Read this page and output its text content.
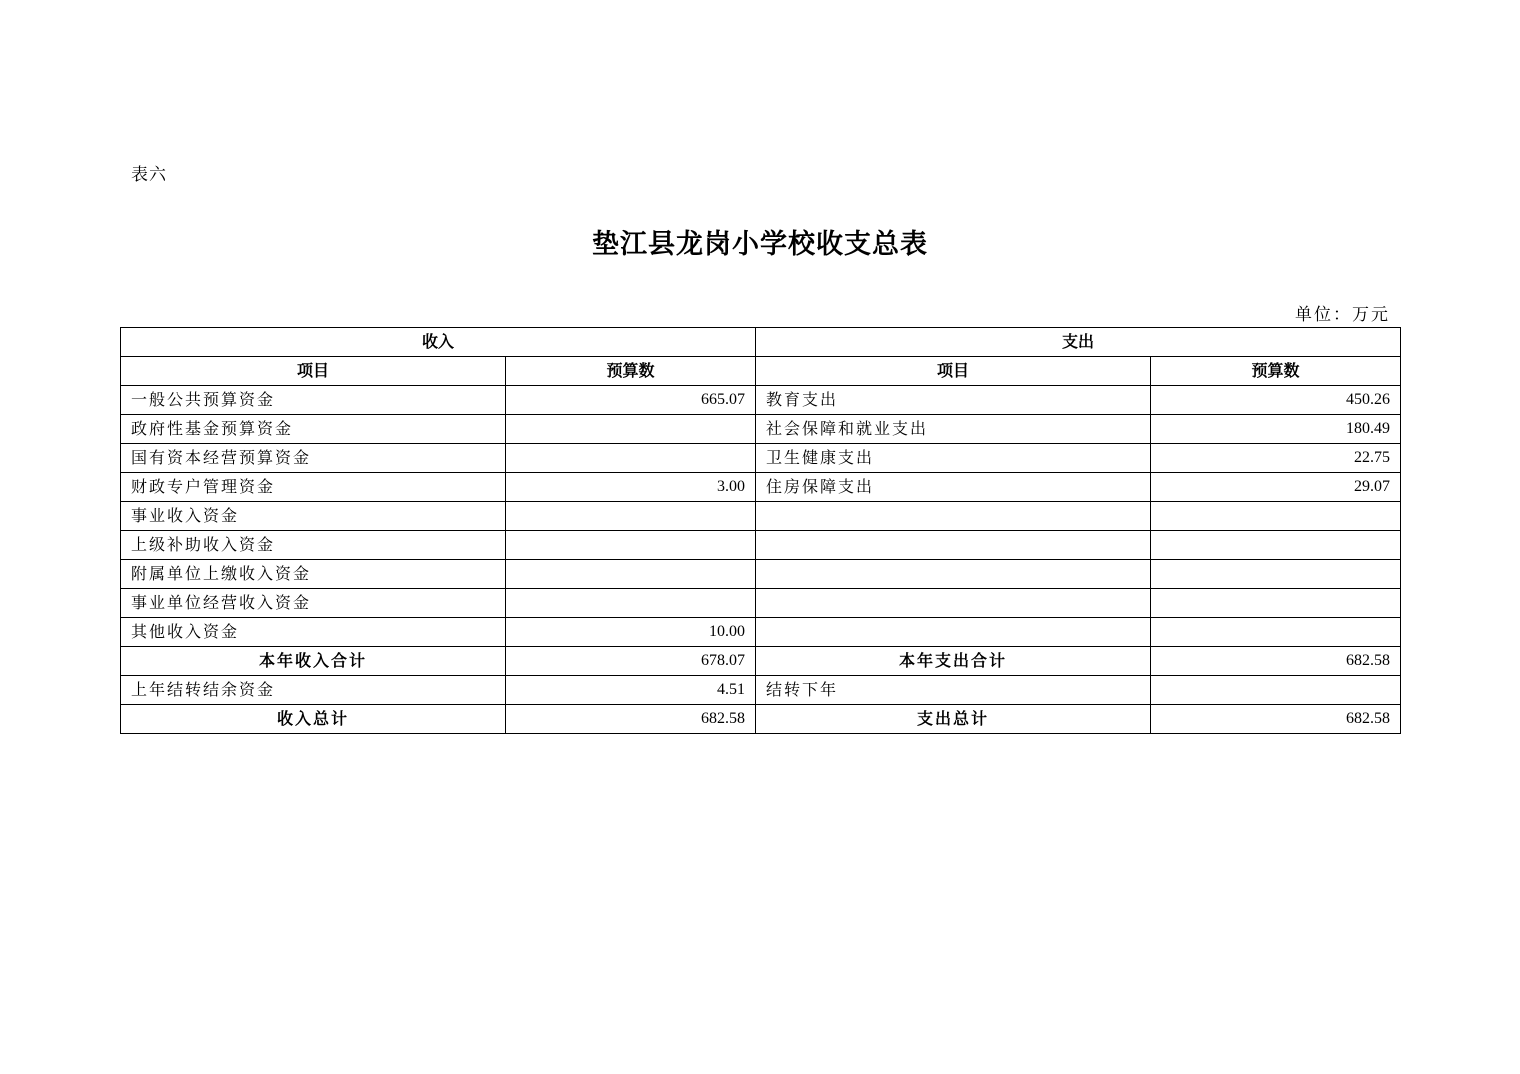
表六
垫江县龙岗小学校收支总表
单位：万元
收入		支出	
项目	预算数	项目	预算数
一般公共预算资金	665.07	教育支出	450.26
政府性基金预算资金		社会保障和就业支出	180.49
国有资本经营预算资金		卫生健康支出	22.75
财政专户管理资金	3.00	住房保障支出	29.07
事业收入资金			
上级补助收入资金			
附属单位上缴收入资金			
事业单位经营收入资金			
其他收入资金	10.00		
本年收入合计	678.07	本年支出合计	682.58
上年结转结余资金	4.51	结转下年	
收入总计	682.58	支出总计	682.58
